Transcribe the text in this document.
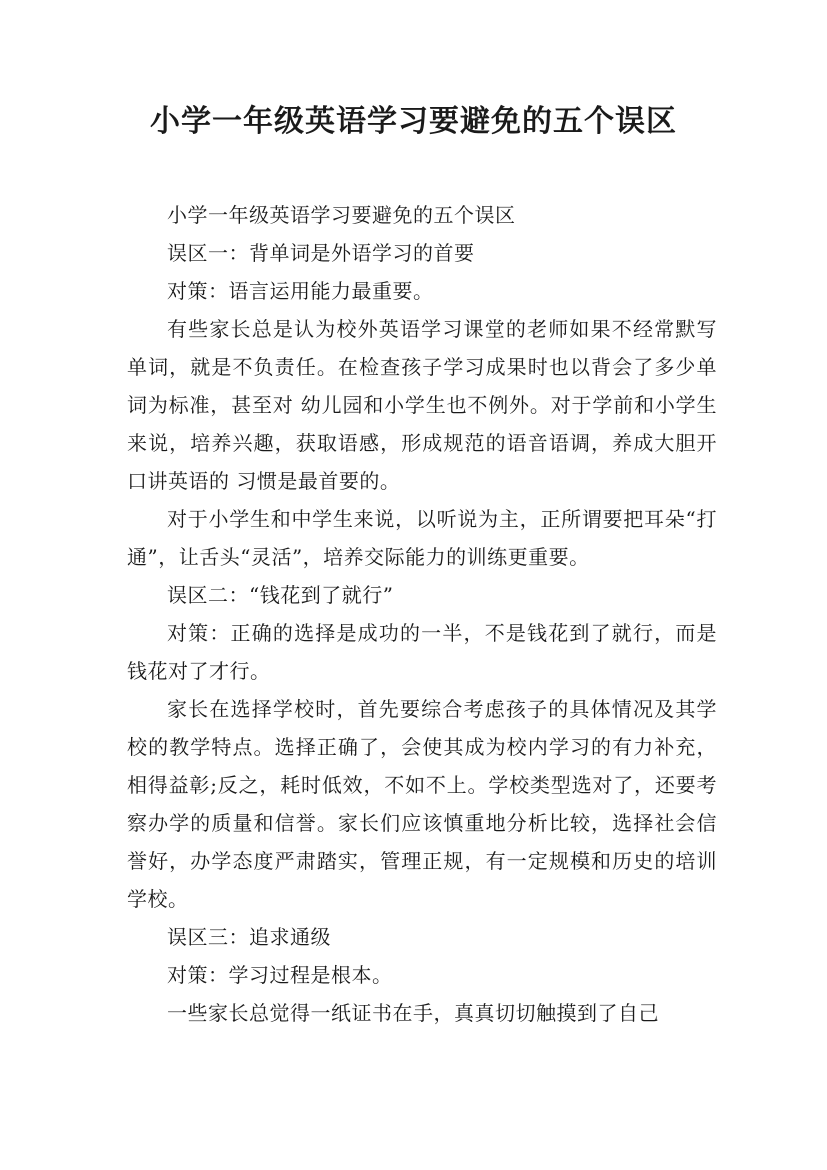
小学一年级英语学习要避免的五个误区

小学一年级英语学习要避免的五个误区

误区一：背单词是外语学习的首要

对策：语言运用能力最重要。

有些家长总是认为校外英语学习课堂的老师如果不经常默写单词，就是不负责任。在检查孩子学习成果时也以背会了多少单词为标准，甚至对 幼儿园和小学生也不例外。对于学前和小学生来说，培养兴趣，获取语感，形成规范的语音语调，养成大胆开口讲英语的 习惯是最首要的。

对于小学生和中学生来说，以听说为主，正所谓要把耳朵“打通”，让舌头“灵活”，培养交际能力的训练更重要。

误区二：“钱花到了就行”

对策：正确的选择是成功的一半，不是钱花到了就行，而是钱花对了才行。

家长在选择学校时，首先要综合考虑孩子的具体情况及其学校的教学特点。选择正确了，会使其成为校内学习的有力补充，相得益彰;反之，耗时低效，不如不上。学校类型选对了，还要考察办学的质量和信誉。家长们应该慎重地分析比较，选择社会信誉好，办学态度严肃踏实，管理正规，有一定规模和历史的培训学校。

误区三：追求通级

对策：学习过程是根本。

一些家长总觉得一纸证书在手，真真切切触摸到了自己
